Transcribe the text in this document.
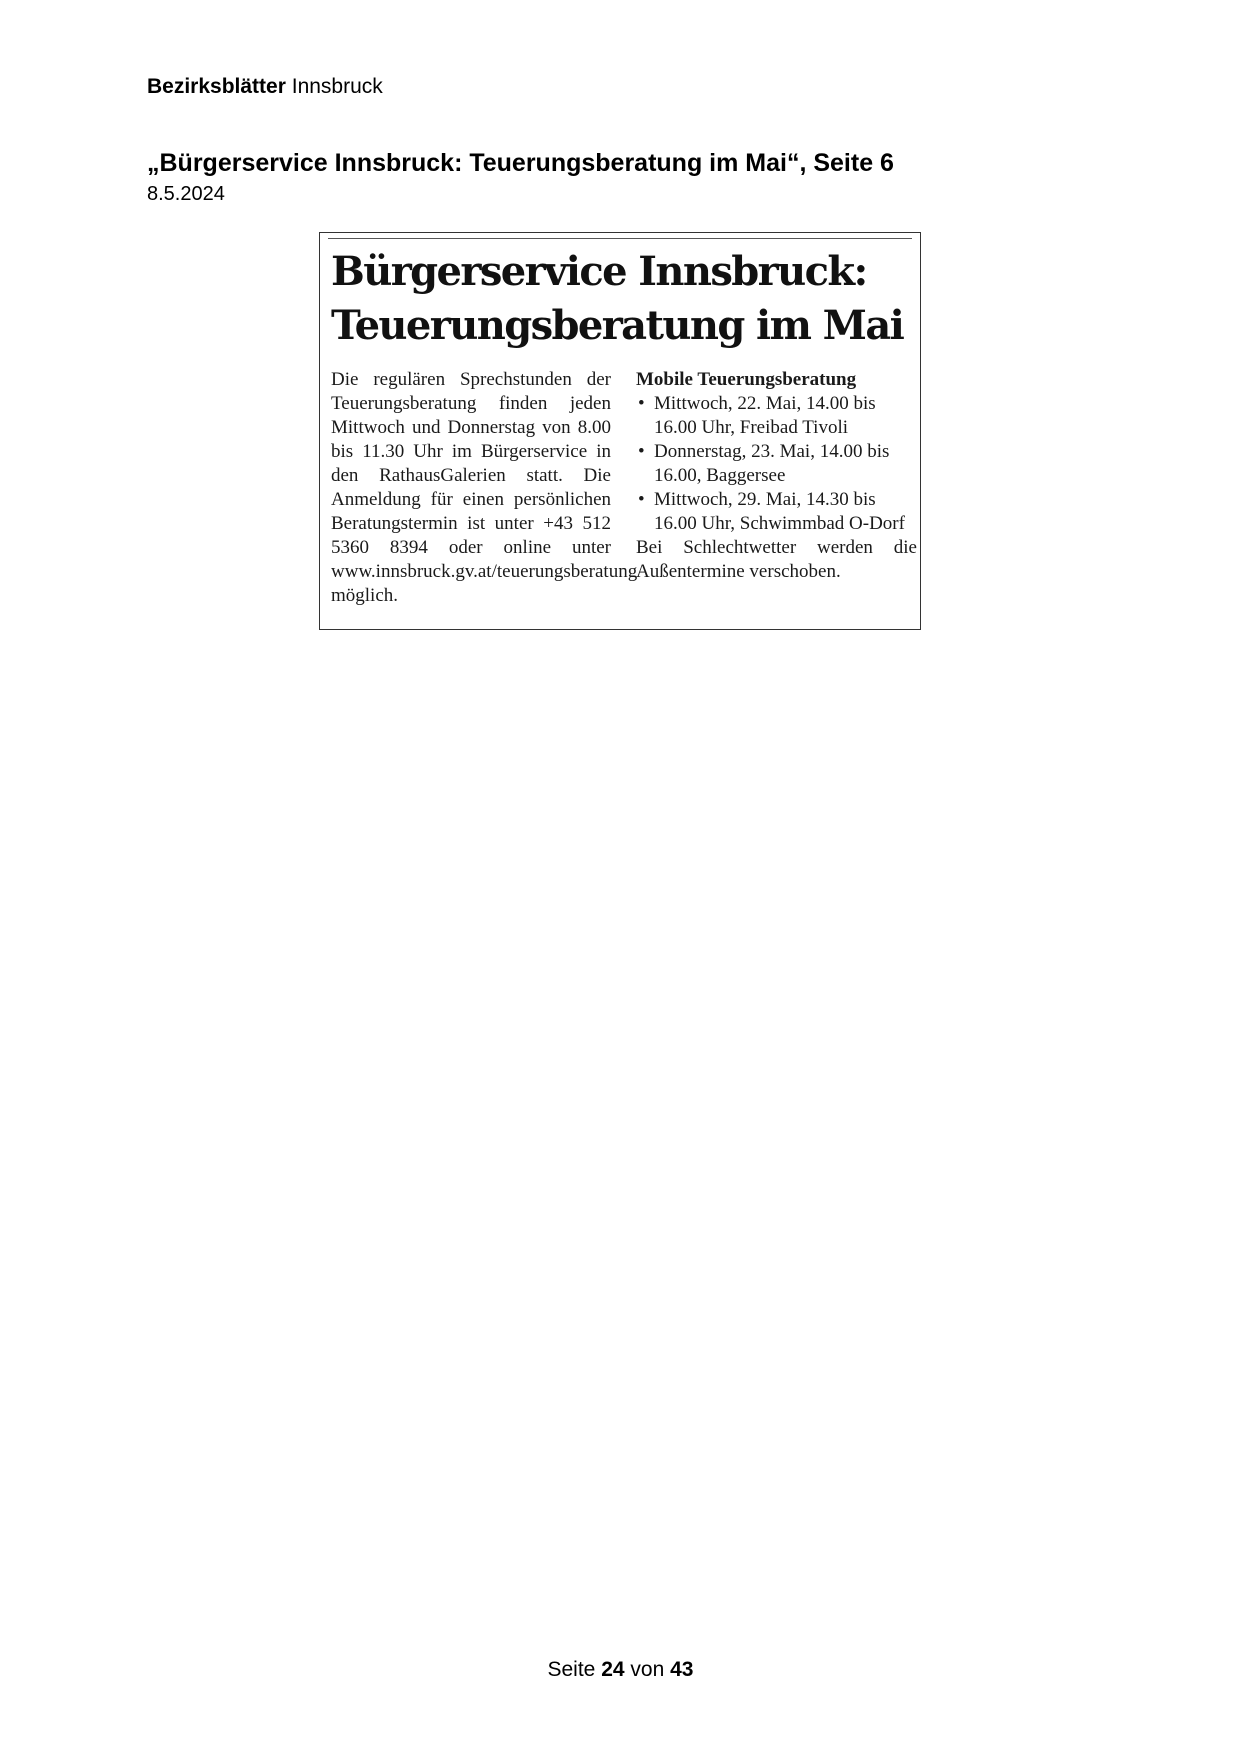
Bezirksblätter Innsbruck
„Bürgerservice Innsbruck: Teuerungsberatung im Mai“, Seite 6
8.5.2024
Bürgerservice Innsbruck:
Teuerungsberatung im Mai
Die regulären Sprechstunden der Teuerungsberatung finden jeden Mittwoch und Donnerstag von 8.00 bis 11.30 Uhr im Bürgerservice in den RathausGalerien statt. Die Anmeldung für einen persönlichen Beratungstermin ist unter +43 512 5360 8394 oder online unter www.innsbruck.gv.at/teuerungsberatung möglich.
Mobile Teuerungsberatung
• Mittwoch, 22. Mai, 14.00 bis 16.00 Uhr, Freibad Tivoli
• Donnerstag, 23. Mai, 14.00 bis 16.00, Baggersee
• Mittwoch, 29. Mai, 14.30 bis 16.00 Uhr, Schwimmbad O-Dorf
Bei Schlechtwetter werden die Außentermine verschoben.
Seite 24 von 43
